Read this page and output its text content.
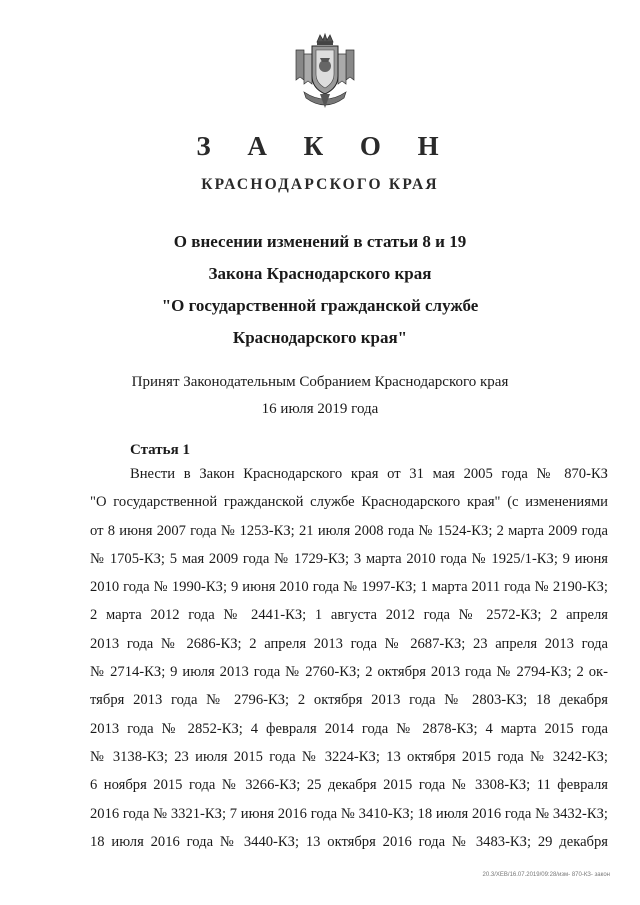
З А К О Н
КРАСНОДАРСКОГО КРАЯ
О внесении изменений в статьи 8 и 19
Закона Краснодарского края
"О государственной гражданской службе
Краснодарского края"
Принят Законодательным Собранием Краснодарского края
16 июля 2019 года
Статья 1
Внести в Закон Краснодарского края от 31 мая 2005 года № 870-КЗ
"О государственной гражданской службе Краснодарского края" (с изменениями
от 8 июня 2007 года № 1253-КЗ; 21 июля 2008 года № 1524-КЗ; 2 марта 2009 года
№ 1705-КЗ; 5 мая 2009 года № 1729-КЗ; 3 марта 2010 года № 1925/1-КЗ; 9 июня
2010 года № 1990-КЗ; 9 июня 2010 года № 1997-КЗ; 1 марта 2011 года № 2190-КЗ;
2 марта 2012 года № 2441-КЗ; 1 августа 2012 года № 2572-КЗ; 2 апреля
2013 года № 2686-КЗ; 2 апреля 2013 года № 2687-КЗ; 23 апреля 2013 года
№ 2714-КЗ; 9 июля 2013 года № 2760-КЗ; 2 октября 2013 года № 2794-КЗ; 2 ок-
тября 2013 года № 2796-КЗ; 2 октября 2013 года № 2803-КЗ; 18 декабря
2013 года № 2852-КЗ; 4 февраля 2014 года № 2878-КЗ; 4 марта 2015 года
№ 3138-КЗ; 23 июля 2015 года № 3224-КЗ; 13 октября 2015 года № 3242-КЗ;
6 ноября 2015 года № 3266-КЗ; 25 декабря 2015 года № 3308-КЗ; 11 февраля
2016 года № 3321-КЗ; 7 июня 2016 года № 3410-КЗ; 18 июля 2016 года № 3432-КЗ;
18 июля 2016 года № 3440-КЗ; 13 октября 2016 года № 3483-КЗ; 29 декабря
20.3/XЕВ/16.07.2019/09:28/изм- 870-КЗ- закон
